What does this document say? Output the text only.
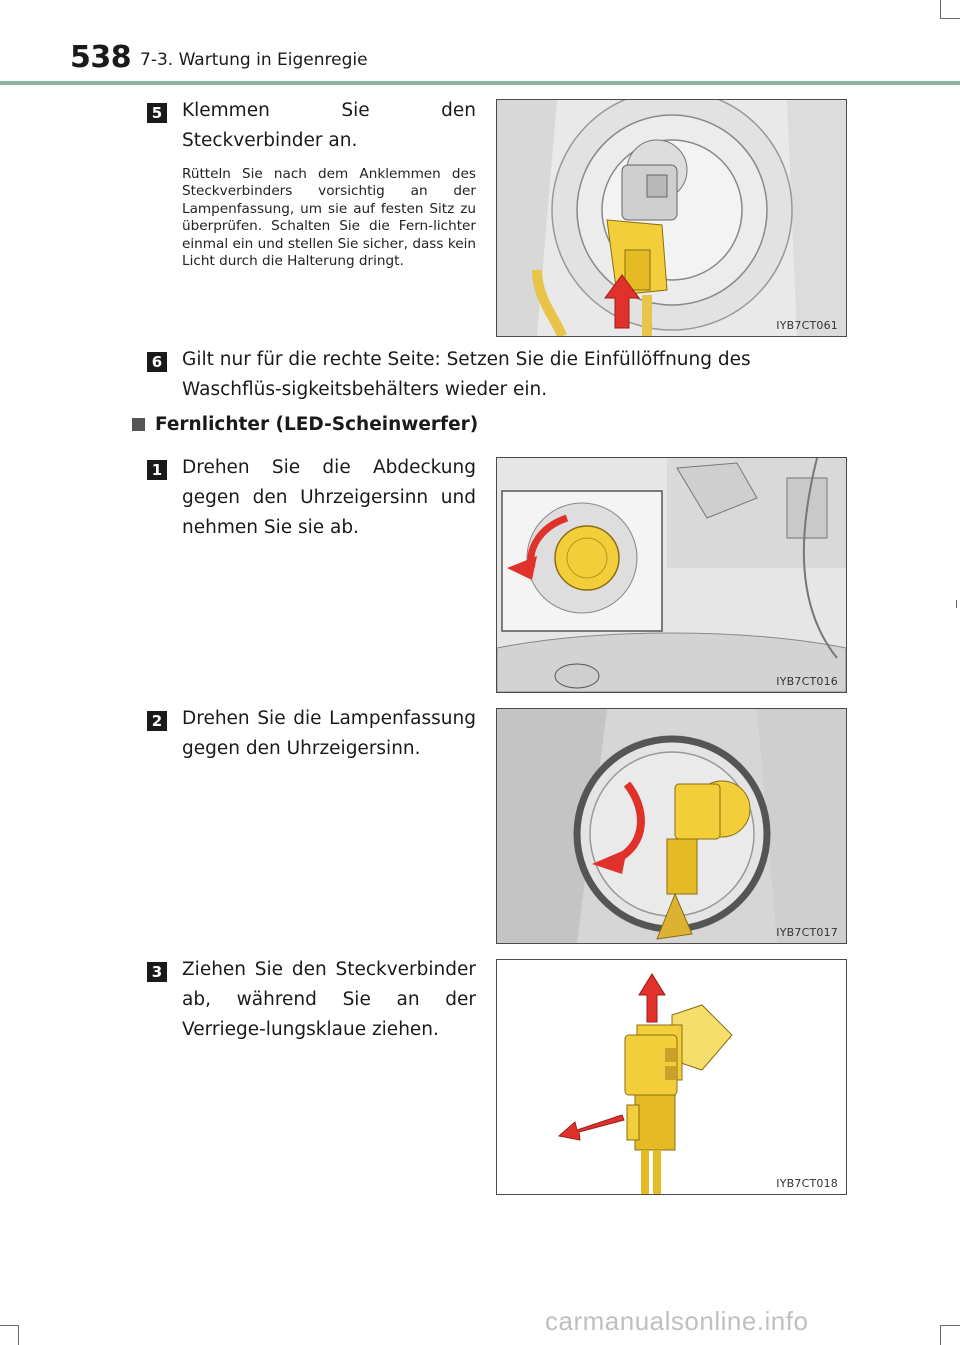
538 7-3. Wartung in Eigenregie
5 Klemmen Sie den Steckverbinder an.
Rütteln Sie nach dem Anklemmen des Steckverbinders vorsichtig an der Lampenfassung, um sie auf festen Sitz zu überprüfen. Schalten Sie die Fern-lichter einmal ein und stellen Sie sicher, dass kein Licht durch die Halterung dringt.
IYB7CT061
6 Gilt nur für die rechte Seite: Setzen Sie die Einfüllöffnung des Waschflüs-sigkeitsbehälters wieder ein.
Fernlichter (LED-Scheinwerfer)
1 Drehen Sie die Abdeckung gegen den Uhrzeigersinn und nehmen Sie sie ab.
IYB7CT016
2 Drehen Sie die Lampenfassung gegen den Uhrzeigersinn.
IYB7CT017
3 Ziehen Sie den Steckverbinder ab, während Sie an der Verriege-lungsklaue ziehen.
IYB7CT018
carmanualsonline.info
